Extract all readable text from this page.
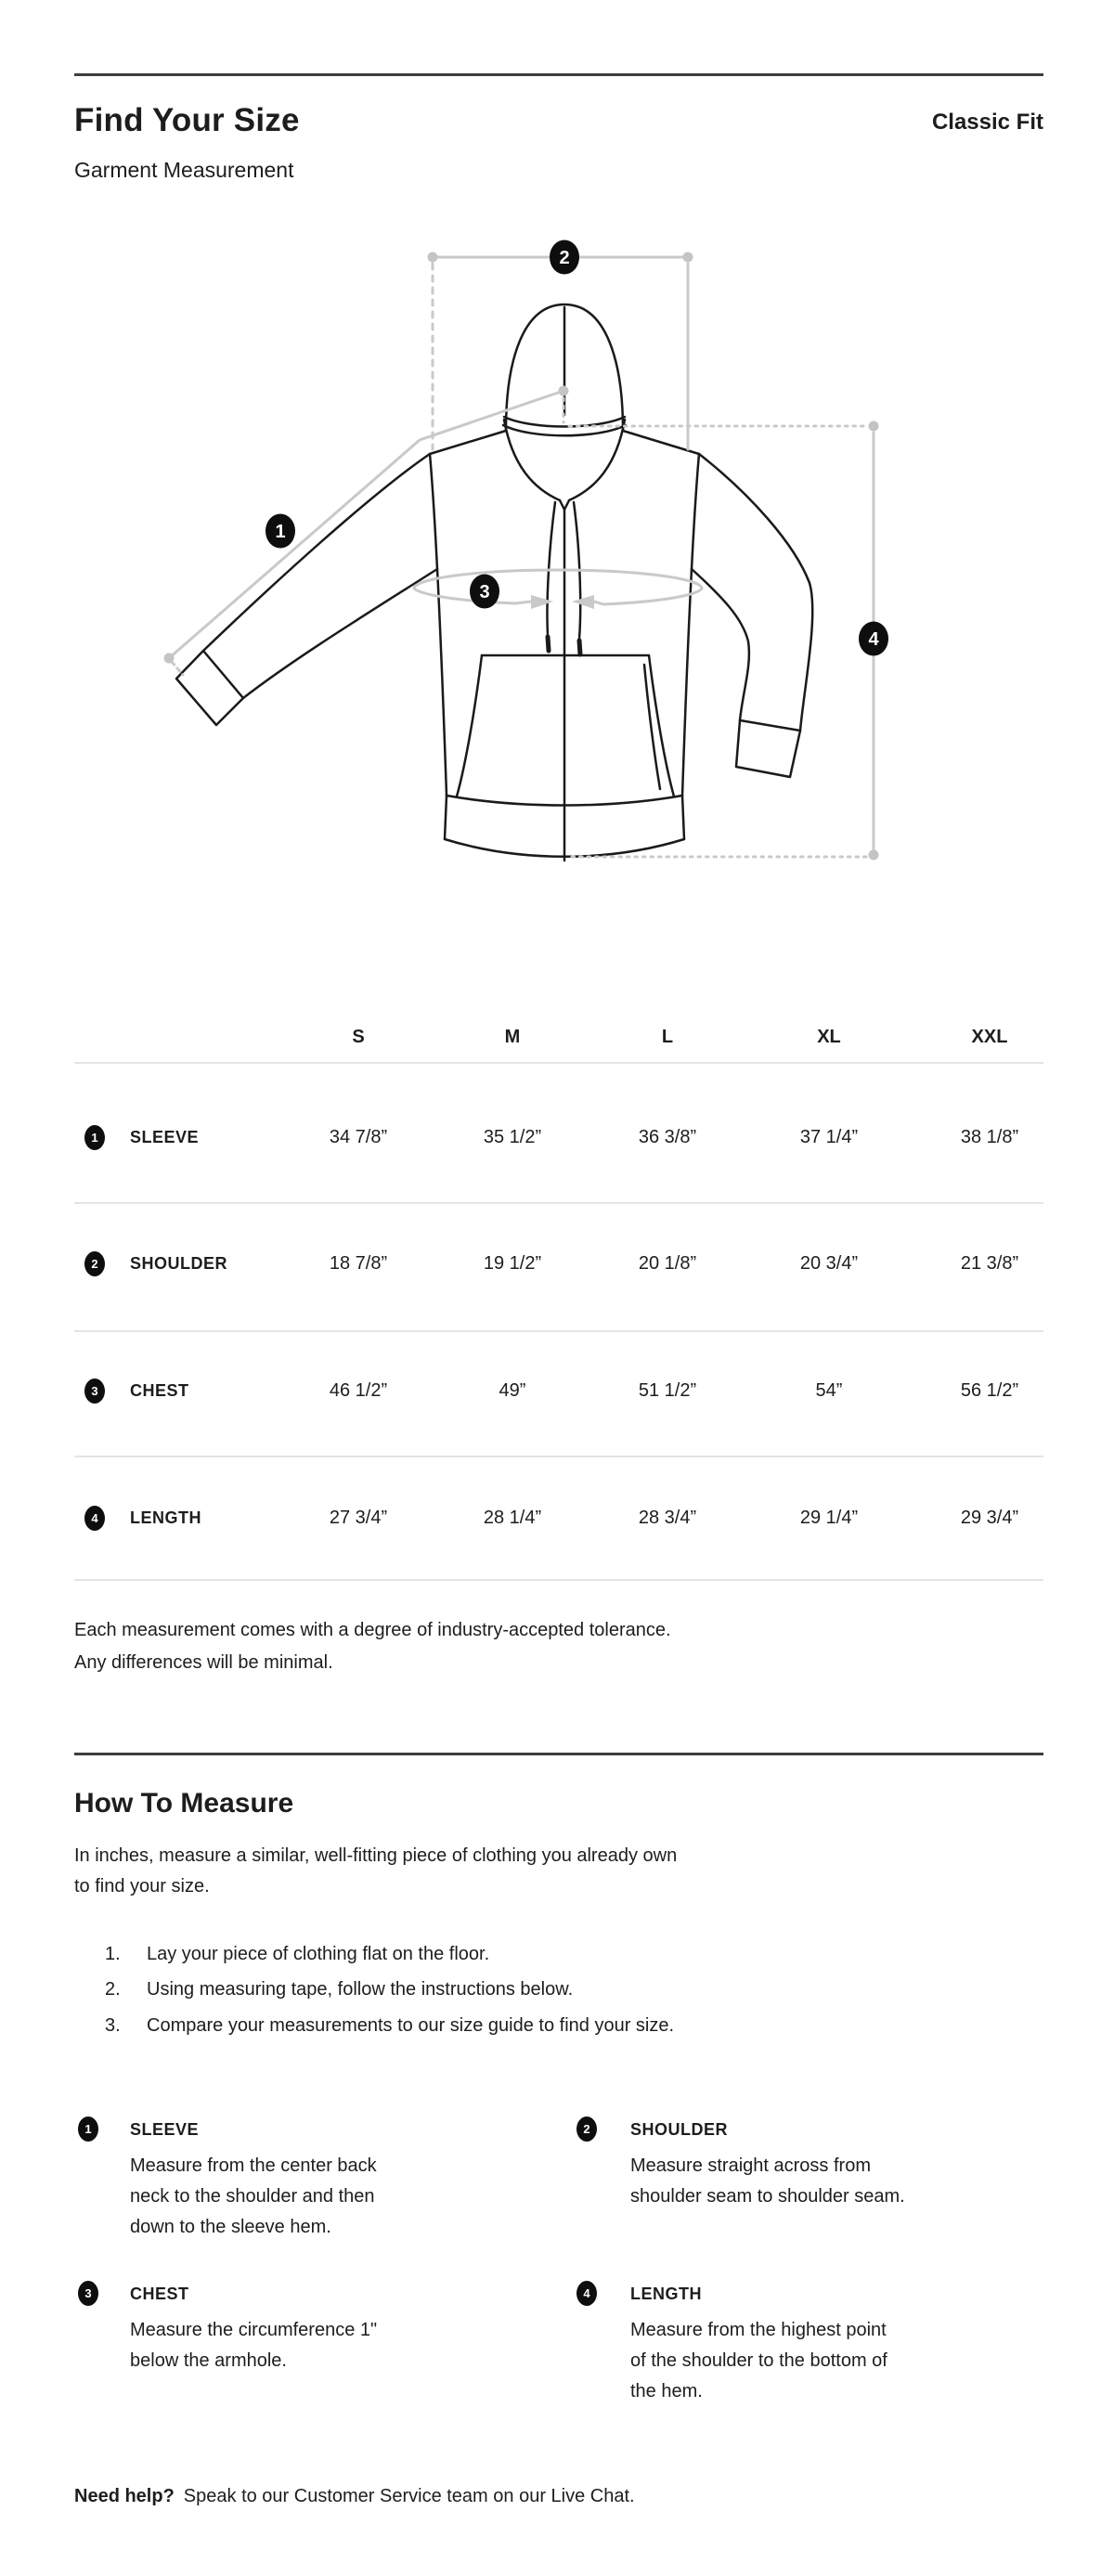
Find Your Size	Classic Fit
Garment Measurement
1
2
3
4
S	M	L	XL	XXL
1	SLEEVE	34 7/8”	35 1/2”	36 3/8”	37 1/4”	38 1/8”
2	SHOULDER	18 7/8”	19 1/2”	20 1/8”	20 3/4”	21 3/8”
3	CHEST	46 1/2”	49”	51 1/2”	54”	56 1/2”
4	LENGTH	27 3/4”	28 1/4”	28 3/4”	29 1/4”	29 3/4”
Each measurement comes with a degree of industry-accepted tolerance.
Any differences will be minimal.
How To Measure
In inches, measure a similar, well-fitting piece of clothing you already own
to find your size.
1. Lay your piece of clothing flat on the floor.
2. Using measuring tape, follow the instructions below.
3. Compare your measurements to our size guide to find your size.
1	SLEEVE
Measure from the center back
neck to the shoulder and then
down to the sleeve hem.
2	SHOULDER
Measure straight across from
shoulder seam to shoulder seam.
3	CHEST
Measure the circumference 1"
below the armhole.
4	LENGTH
Measure from the highest point
of the shoulder to the bottom of
the hem.
Need help? Speak to our Customer Service team on our Live Chat.
